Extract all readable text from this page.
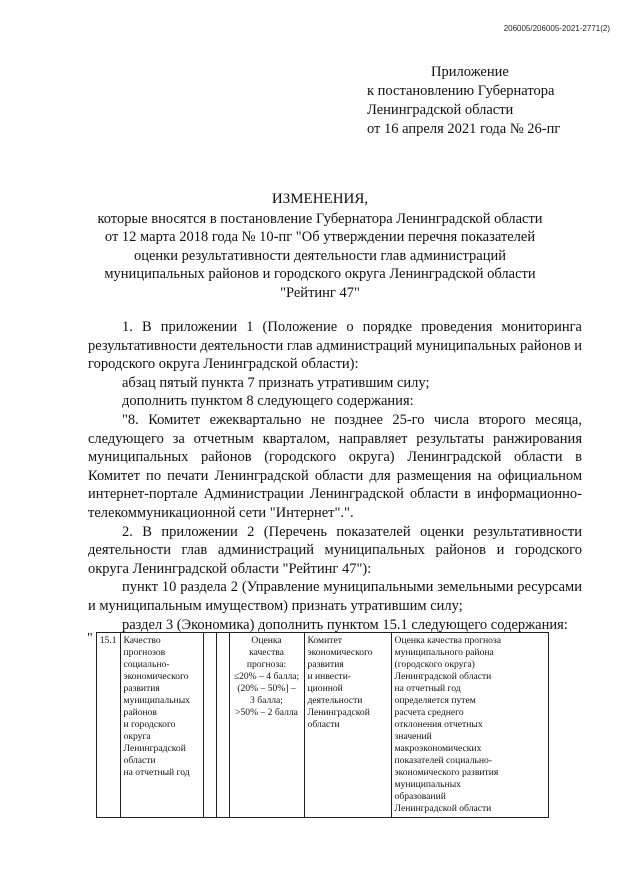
206005/206005-2021-2771(2)
Приложение
к постановлению Губернатора
Ленинградской области
от 16 апреля 2021 года № 26-пг
ИЗМЕНЕНИЯ,
которые вносятся в постановление Губернатора Ленинградской области
от 12 марта 2018 года № 10-пг "Об утверждении перечня показателей
оценки результативности деятельности глав администраций
муниципальных районов и городского округа Ленинградской области
"Рейтинг 47"

1. В приложении 1 (Положение о порядке проведения мониторинга результативности деятельности глав администраций муниципальных районов и городского округа Ленинградской области):

абзац пятый пункта 7 признать утратившим силу;

дополнить пунктом 8 следующего содержания:

"8. Комитет ежеквартально не позднее 25-го числа второго месяца, следующего за отчетным кварталом, направляет результаты ранжирования муниципальных районов (городского округа) Ленинградской области в Комитет по печати Ленинградской области для размещения на официальном интернет-портале Администрации Ленинградской области в информационно-телекоммуникационной сети "Интернет".".

2. В приложении 2 (Перечень показателей оценки результативности деятельности глав администраций муниципальных районов и городского округа Ленинградской области "Рейтинг 47"):

пункт 10 раздела 2 (Управление муниципальными земельными ресурсами и муниципальным имуществом) признать утратившим силу;

раздел 3 (Экономика) дополнить пунктом 15.1 следующего содержания:

"	15.1	Качество
прогнозов
социально-
экономического
развития
муниципальных
районов
и городского
округа
Ленинградской
области
на отчетный год			Оценка
качества
прогноза:
≤20% – 4 балла;
(20% – 50%] –
3 балла;
>50% – 2 балла	Комитет
экономического
развития
и инвести-
ционной
деятельности
Ленинградской
области	Оценка качества прогноза
муниципального района
(городского округа)
Ленинградской области
на отчетный год
определяется путем
расчета среднего
отклонения отчетных
значений
макроэкономических
показателей социально-
экономического развития
муниципальных
образований
Ленинградской области
